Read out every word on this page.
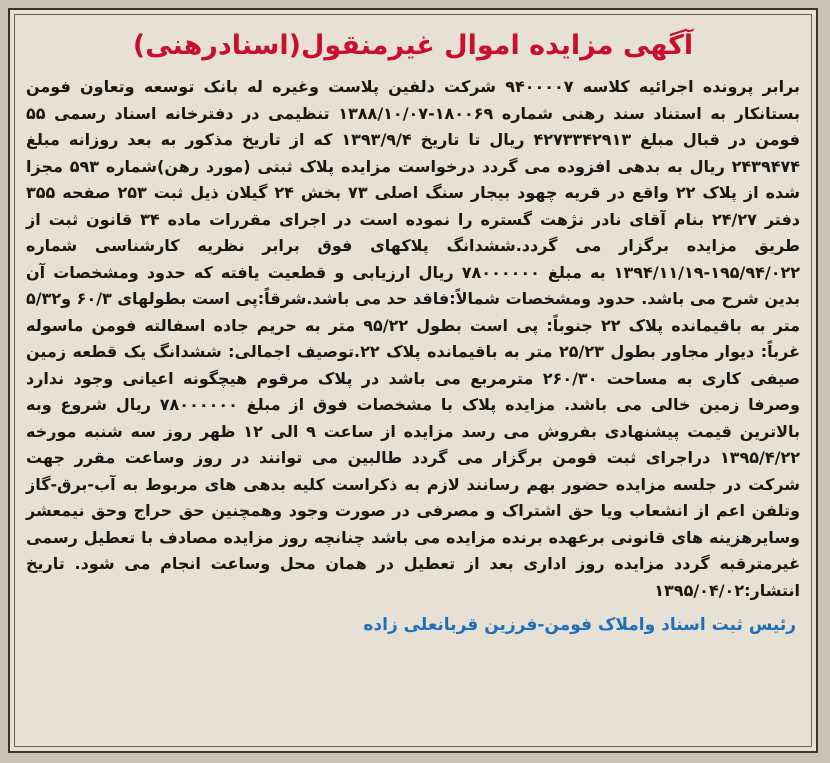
آگهی مزایده اموال غیرمنقول(اسنادرهنی)

برابر پرونده اجرائیه کلاسه ۹۴۰۰۰۰۷ شرکت دلفین پلاست وغیره له بانک توسعه وتعاون فومن بستانکار به استناد سند رهنی شماره ۱۸۰۰۶۹-۱۳۸۸/۱۰/۰۷ تنظیمی در دفترخانه اسناد رسمی ۵۵ فومن در قبال مبلغ ۴۲۷۳۳۴۲۹۱۳ ریال تا تاریخ ۱۳۹۳/۹/۴ که از تاریخ مذکور به بعد روزانه مبلغ ۲۴۳۹۴۷۴ ریال به بدهی افزوده می گردد درخواست مزایده پلاک ثبتی (مورد رهن)شماره ۵۹۳ مجزا شده از پلاک ۲۲ واقع در قریه چهود بیجار سنگ اصلی ۷۳ بخش ۲۴ گیلان ذیل ثبت ۲۵۳ صفحه ۳۵۵ دفتر ۲۴/۲۷ بنام آقای نادر نژهت گستره را نموده است در اجرای مقررات ماده ۳۴ قانون ثبت از طریق مزایده برگزار می گردد.ششدانگ پلاکهای فوق برابر نظریه کارشناسی شماره ۱۹۵/۹۴/۰۲۲-۱۳۹۴/۱۱/۱۹ به مبلغ ۷۸۰۰۰۰۰۰ ریال ارزیابی و قطعیت یافته که حدود ومشخصات آن بدین شرح می باشد. حدود ومشخصات شمالاً:فاقد حد می باشد.شرقاً:پی است بطولهای ۶۰/۳ و۵/۳۲ متر به باقیمانده پلاک ۲۲ جنوباً: پی است بطول ۹۵/۲۲ متر به حریم جاده اسفالته فومن ماسوله غرباً: دیوار مجاور بطول ۲۵/۲۳ متر به باقیمانده پلاک ۲۲.توصیف اجمالی: ششدانگ یک قطعه زمین صیفی کاری به مساحت ۲۶۰/۳۰ مترمربع می باشد در پلاک مرقوم هیچگونه اعیانی وجود ندارد وصرفا زمین خالی می باشد. مزایده پلاک با مشخصات فوق از مبلغ ۷۸۰۰۰۰۰۰ ریال شروع وبه بالاترین قیمت پیشنهادی بفروش می رسد مزایده از ساعت ۹ الی ۱۲ ظهر روز سه شنبه مورخه ۱۳۹۵/۴/۲۲ دراجرای ثبت فومن برگزار می گردد طالبین می توانند در روز وساعت مقرر جهت شرکت در جلسه مزایده حضور بهم رسانند لازم به ذکراست کلیه بدهی های مربوط به آب-برق-گاز وتلفن اعم از انشعاب ویا حق اشتراک و مصرفی در صورت وجود وهمچنین حق حراج وحق نیمعشر وسایرهزینه های قانونی برعهده برنده مزایده می باشد چنانچه روز مزایده مصادف با تعطیل رسمی غیرمترقبه گردد مزایده روز اداری بعد از تعطیل در همان محل وساعت انجام می شود. تاریخ انتشار:۱۳۹۵/۰۴/۰۲

رئیس ثبت اسناد واملاک فومن-فرزین قربانعلی زاده
